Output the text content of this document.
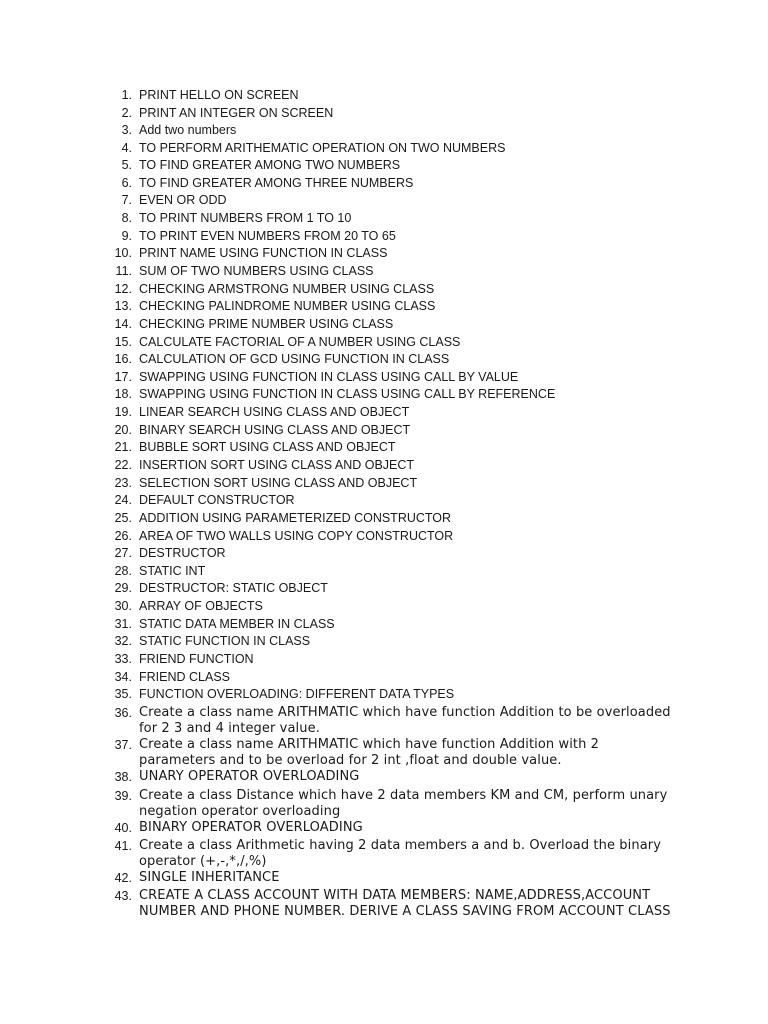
1. PRINT HELLO ON SCREEN
2. PRINT AN INTEGER ON SCREEN
3. Add two numbers
4. TO PERFORM ARITHEMATIC OPERATION ON TWO NUMBERS
5. TO FIND GREATER AMONG TWO NUMBERS
6. TO FIND GREATER AMONG THREE NUMBERS
7. EVEN OR ODD
8. TO PRINT NUMBERS FROM 1 TO 10
9. TO PRINT EVEN NUMBERS FROM 20 TO 65
10. PRINT NAME USING FUNCTION IN CLASS
11. SUM OF TWO NUMBERS USING CLASS
12. CHECKING ARMSTRONG NUMBER USING CLASS
13. CHECKING PALINDROME NUMBER USING CLASS
14. CHECKING PRIME NUMBER USING CLASS
15. CALCULATE FACTORIAL OF A NUMBER USING CLASS
16. CALCULATION OF GCD USING FUNCTION IN CLASS
17. SWAPPING USING FUNCTION IN CLASS USING CALL BY VALUE
18. SWAPPING USING FUNCTION IN CLASS USING CALL BY REFERENCE
19. LINEAR SEARCH USING CLASS AND OBJECT
20. BINARY SEARCH USING CLASS AND OBJECT
21. BUBBLE SORT USING CLASS AND OBJECT
22. INSERTION SORT USING CLASS AND OBJECT
23. SELECTION SORT USING CLASS AND OBJECT
24. DEFAULT CONSTRUCTOR
25. ADDITION USING PARAMETERIZED CONSTRUCTOR
26. AREA OF TWO WALLS USING COPY CONSTRUCTOR
27. DESTRUCTOR
28. STATIC INT
29. DESTRUCTOR: STATIC OBJECT
30. ARRAY OF OBJECTS
31. STATIC DATA MEMBER IN CLASS
32. STATIC FUNCTION IN CLASS
33. FRIEND FUNCTION
34. FRIEND CLASS
35. FUNCTION OVERLOADING: DIFFERENT DATA TYPES
36. Create a class name ARITHMATIC which have function Addition to be overloaded for 2 3 and 4 integer value.
37. Create a class name ARITHMATIC which have function Addition with 2 parameters and to be overload for 2 int ,float and double value.
38. UNARY OPERATOR OVERLOADING
39. Create a class Distance which have 2 data members KM and CM, perform unary negation operator overloading
40. BINARY OPERATOR OVERLOADING
41. Create a class Arithmetic having 2 data members a and b. Overload the binary operator (+,-,*,/,%)
42. SINGLE INHERITANCE
43. CREATE A CLASS ACCOUNT WITH DATA MEMBERS: NAME,ADDRESS,ACCOUNT NUMBER AND PHONE NUMBER. DERIVE A CLASS SAVING FROM ACCOUNT CLASS
